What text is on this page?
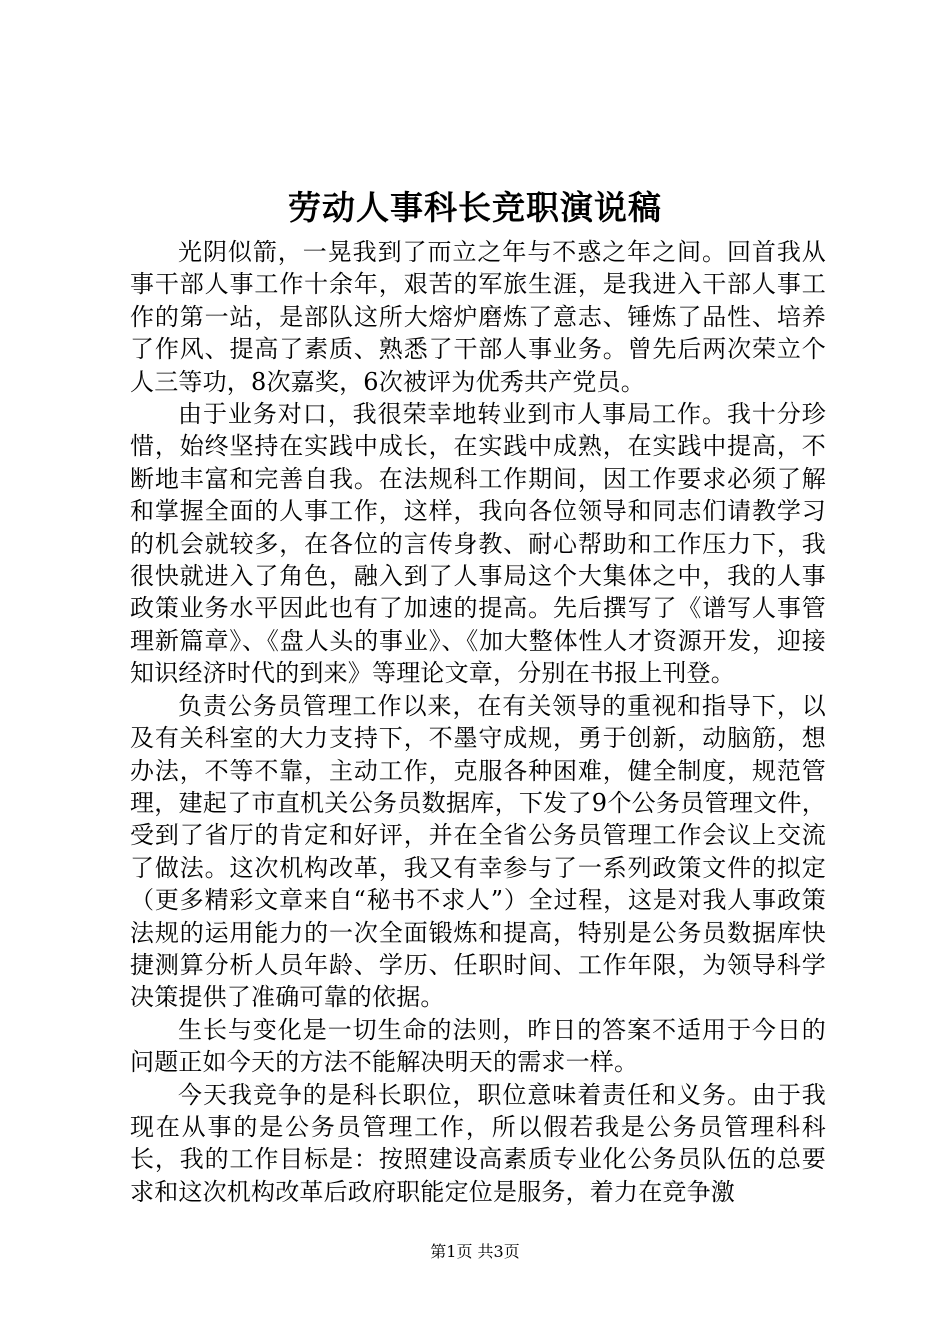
劳动人事科长竞职演说稿

光阴似箭，一晃我到了而立之年与不惑之年之间。回首我从事干部人事工作十余年，艰苦的军旅生涯，是我进入干部人事工作的第一站，是部队这所大熔炉磨炼了意志、锤炼了品性、培养了作风、提高了素质、熟悉了干部人事业务。曾先后两次荣立个人三等功，8次嘉奖，6次被评为优秀共产党员。

由于业务对口，我很荣幸地转业到市人事局工作。我十分珍惜，始终坚持在实践中成长，在实践中成熟，在实践中提高，不断地丰富和完善自我。在法规科工作期间，因工作要求必须了解和掌握全面的人事工作，这样，我向各位领导和同志们请教学习的机会就较多，在各位的言传身教、耐心帮助和工作压力下，我很快就进入了角色，融入到了人事局这个大集体之中，我的人事政策业务水平因此也有了加速的提高。先后撰写了《谱写人事管理新篇章》、《盘人头的事业》、《加大整体性人才资源开发，迎接知识经济时代的到来》等理论文章，分别在书报上刊登。

负责公务员管理工作以来，在有关领导的重视和指导下，以及有关科室的大力支持下，不墨守成规，勇于创新，动脑筋，想办法，不等不靠，主动工作，克服各种困难，健全制度，规范管理，建起了市直机关公务员数据库，下发了9个公务员管理文件，受到了省厅的肯定和好评，并在全省公务员管理工作会议上交流了做法。这次机构改革，我又有幸参与了一系列政策文件的拟定（更多精彩文章来自“秘书不求人”）全过程，这是对我人事政策法规的运用能力的一次全面锻炼和提高，特别是公务员数据库快捷测算分析人员年龄、学历、任职时间、工作年限，为领导科学决策提供了准确可靠的依据。

生长与变化是一切生命的法则，昨日的答案不适用于今日的问题正如今天的方法不能解决明天的需求一样。

今天我竞争的是科长职位，职位意味着责任和义务。由于我现在从事的是公务员管理工作，所以假若我是公务员管理科科长，我的工作目标是：按照建设高素质专业化公务员队伍的总要求和这次机构改革后政府职能定位是服务，着力在竞争激

第1页 共3页
